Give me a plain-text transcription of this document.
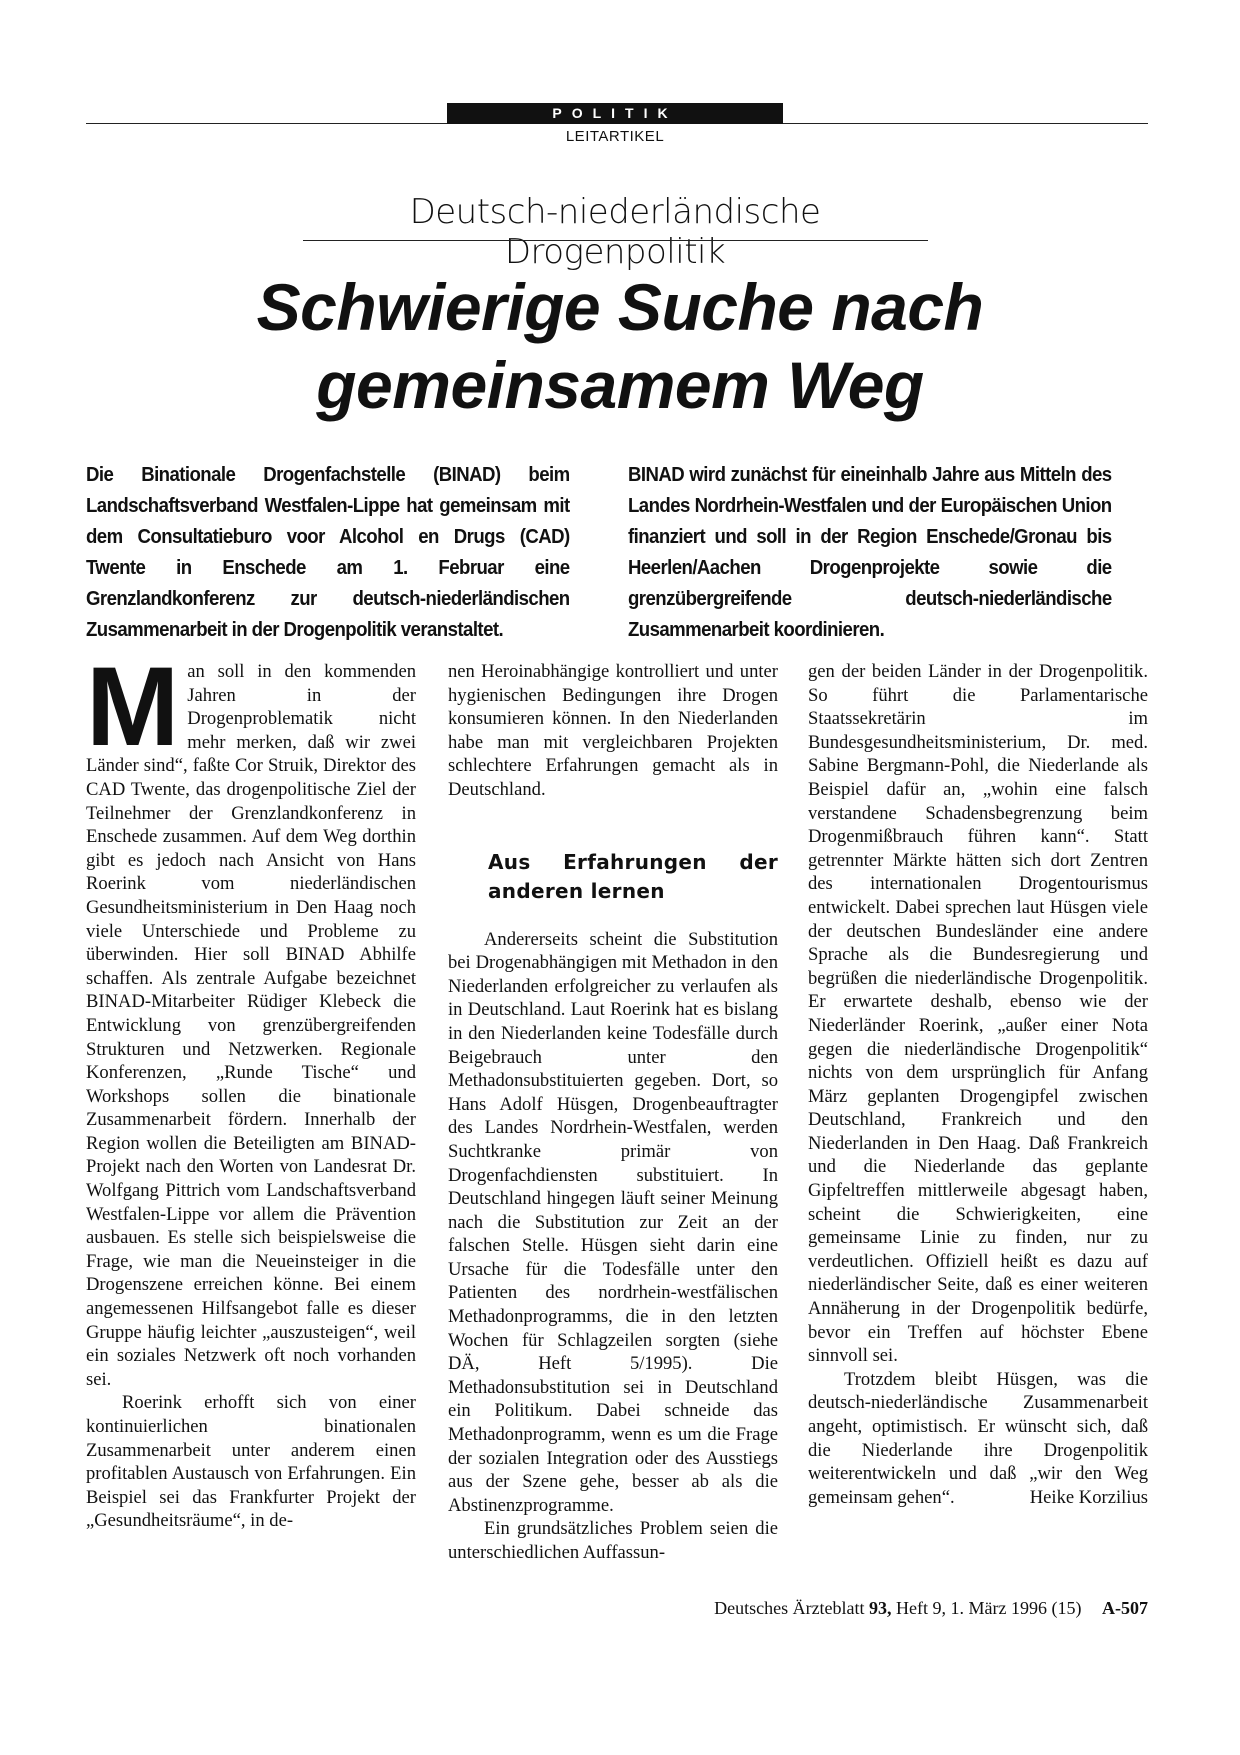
POLITIK
LEITARTIKEL
Deutsch-niederländische Drogenpolitik
Schwierige Suche nach gemeinsamem Weg
Die Binationale Drogenfachstelle (BINAD) beim Landschaftsverband Westfalen-Lippe hat gemeinsam mit dem Consultatieburo voor Alcohol en Drugs (CAD) Twente in Enschede am 1. Februar eine Grenzlandkonferenz zur deutsch-niederländischen Zusammenarbeit in der Drogenpolitik veranstaltet.
BINAD wird zunächst für eineinhalb Jahre aus Mitteln des Landes Nordrhein-Westfalen und der Europäischen Union finanziert und soll in der Region Enschede/Gronau bis Heerlen/Aachen Drogenprojekte sowie die grenzübergreifende deutsch-niederländische Zusammenarbeit koordinieren.

Man soll in den kommenden Jahren in der Drogenproblematik nicht mehr merken, daß wir zwei Länder sind“, faßte Cor Struik, Direktor des CAD Twente, das drogenpolitische Ziel der Teilnehmer der Grenzlandkonferenz in Enschede zusammen. Auf dem Weg dorthin gibt es jedoch nach Ansicht von Hans Roerink vom niederländischen Gesundheitsministerium in Den Haag noch viele Unterschiede und Probleme zu überwinden. Hier soll BINAD Abhilfe schaffen. Als zentrale Aufgabe bezeichnet BINAD-Mitarbeiter Rüdiger Klebeck die Entwicklung von grenzübergreifenden Strukturen und Netzwerken. Regionale Konferenzen, „Runde Tische“ und Workshops sollen die binationale Zusammenarbeit fördern. Innerhalb der Region wollen die Beteiligten am BINAD-Projekt nach den Worten von Landesrat Dr. Wolfgang Pittrich vom Landschaftsverband Westfalen-Lippe vor allem die Prävention ausbauen. Es stelle sich beispielsweise die Frage, wie man die Neueinsteiger in die Drogenszene erreichen könne. Bei einem angemessenen Hilfsangebot falle es dieser Gruppe häufig leichter „auszusteigen“, weil ein soziales Netzwerk oft noch vorhanden sei.

Roerink erhofft sich von einer kontinuierlichen binationalen Zusammenarbeit unter anderem einen profitablen Austausch von Erfahrungen. Ein Beispiel sei das Frankfurter Projekt der „Gesundheitsräume“, in de-

nen Heroinabhängige kontrolliert und unter hygienischen Bedingungen ihre Drogen konsumieren können. In den Niederlanden habe man mit vergleichbaren Projekten schlechtere Erfahrungen gemacht als in Deutschland.

Aus Erfahrungen der anderen lernen

Andererseits scheint die Substitution bei Drogenabhängigen mit Methadon in den Niederlanden erfolgreicher zu verlaufen als in Deutschland. Laut Roerink hat es bislang in den Niederlanden keine Todesfälle durch Beigebrauch unter den Methadonsubstituierten gegeben. Dort, so Hans Adolf Hüsgen, Drogenbeauftragter des Landes Nordrhein-Westfalen, werden Suchtkranke primär von Drogenfachdiensten substituiert. In Deutschland hingegen läuft seiner Meinung nach die Substitution zur Zeit an der falschen Stelle. Hüsgen sieht darin eine Ursache für die Todesfälle unter den Patienten des nordrhein-westfälischen Methadonprogramms, die in den letzten Wochen für Schlagzeilen sorgten (siehe DÄ, Heft 5/1995). Die Methadonsubstitution sei in Deutschland ein Politikum. Dabei schneide das Methadonprogramm, wenn es um die Frage der sozialen Integration oder des Ausstiegs aus der Szene gehe, besser ab als die Abstinenzprogramme.

Ein grundsätzliches Problem seien die unterschiedlichen Auffassun-

gen der beiden Länder in der Drogenpolitik. So führt die Parlamentarische Staatssekretärin im Bundesgesundheitsministerium, Dr. med. Sabine Bergmann-Pohl, die Niederlande als Beispiel dafür an, „wohin eine falsch verstandene Schadensbegrenzung beim Drogenmißbrauch führen kann“. Statt getrennter Märkte hätten sich dort Zentren des internationalen Drogentourismus entwickelt. Dabei sprechen laut Hüsgen viele der deutschen Bundesländer eine andere Sprache als die Bundesregierung und begrüßen die niederländische Drogenpolitik. Er erwartete deshalb, ebenso wie der Niederländer Roerink, „außer einer Nota gegen die niederländische Drogenpolitik“ nichts von dem ursprünglich für Anfang März geplanten Drogengipfel zwischen Deutschland, Frankreich und den Niederlanden in Den Haag. Daß Frankreich und die Niederlande das geplante Gipfeltreffen mittlerweile abgesagt haben, scheint die Schwierigkeiten, eine gemeinsame Linie zu finden, nur zu verdeutlichen. Offiziell heißt es dazu auf niederländischer Seite, daß es einer weiteren Annäherung in der Drogenpolitik bedürfe, bevor ein Treffen auf höchster Ebene sinnvoll sei.

Trotzdem bleibt Hüsgen, was die deutsch-niederländische Zusammenarbeit angeht, optimistisch. Er wünscht sich, daß die Niederlande ihre Drogenpolitik weiterentwickeln und daß „wir den Weg gemeinsam gehen“.	Heike Korzilius

Deutsches Ärzteblatt 93, Heft 9, 1. März 1996 (15) A-507
